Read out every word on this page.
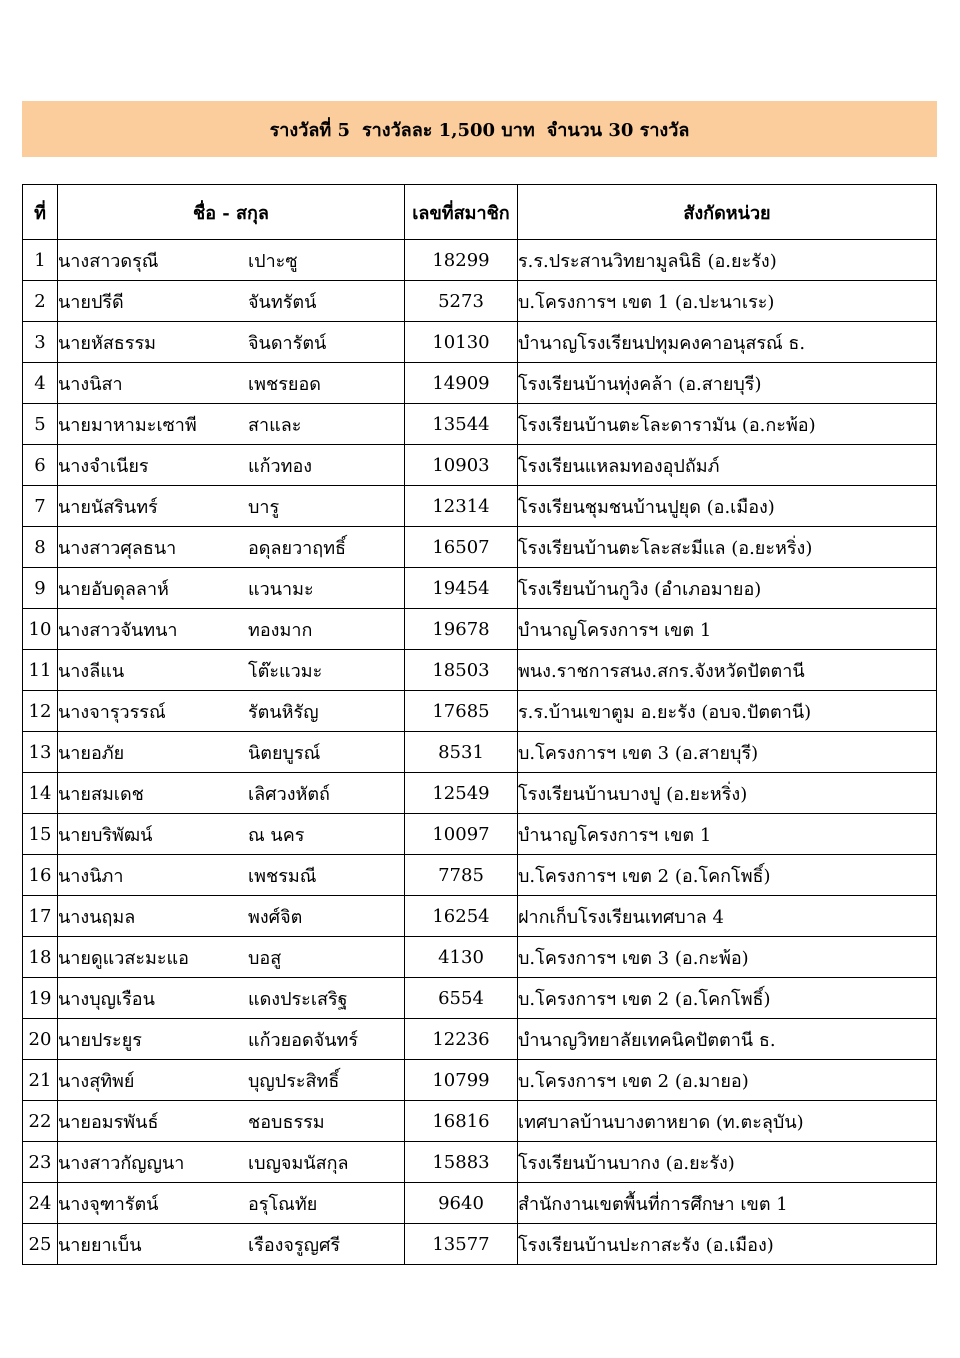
รางวัลที่ 5 รางวัลละ 1,500 บาท จำนวน 30 รางวัล
ที่	ชื่อ - สกุล	เลขที่สมาชิก	สังกัดหน่วย
1	นางสาวดรุณี เปาะซู	18299	ร.ร.ประสานวิทยามูลนิธิ (อ.ยะรัง)
2	นายปรีดี จันทรัตน์	5273	บ.โครงการฯ เขต 1 (อ.ปะนาเระ)
3	นายหัสธรรม จินดารัตน์	10130	บำนาญโรงเรียนปทุมคงคาอนุสรณ์ ธ.
4	นางนิสา เพชรยอด	14909	โรงเรียนบ้านทุ่งคล้า (อ.สายบุรี)
5	นายมาหามะเซาพี สาและ	13544	โรงเรียนบ้านตะโละดารามัน (อ.กะพ้อ)
6	นางจำเนียร แก้วทอง	10903	โรงเรียนแหลมทองอุปถัมภ์
7	นายนัสรินทร์ บารู	12314	โรงเรียนชุมชนบ้านปูยุด (อ.เมือง)
8	นางสาวศุลธนา อดุลยวาฤทธิ์	16507	โรงเรียนบ้านตะโละสะมีแล (อ.ยะหริ่ง)
9	นายอับดุลลาห์ แวนามะ	19454	โรงเรียนบ้านกูวิง (อำเภอมายอ)
10	นางสาวจันทนา ทองมาก	19678	บำนาญโครงการฯ เขต 1
11	นางลีแน โต๊ะแวมะ	18503	พนง.ราชการสนง.สกร.จังหวัดปัตตานี
12	นางจารุวรรณ์ รัตนหิรัญ	17685	ร.ร.บ้านเขาตูม อ.ยะรัง (อบจ.ปัตตานี)
13	นายอภัย นิตยบูรณ์	8531	บ.โครงการฯ เขต 3 (อ.สายบุรี)
14	นายสมเดช เลิศวงหัตถ์	12549	โรงเรียนบ้านบางปู (อ.ยะหริ่ง)
15	นายบริพัฒน์ ณ นคร	10097	บำนาญโครงการฯ เขต 1
16	นางนิภา เพชรมณี	7785	บ.โครงการฯ เขต 2 (อ.โคกโพธิ์)
17	นางนฤมล พงศ์จิต	16254	ฝากเก็บโรงเรียนเทศบาล 4
18	นายดูแวสะมะแอ บอสู	4130	บ.โครงการฯ เขต 3 (อ.กะพ้อ)
19	นางบุญเรือน แดงประเสริฐ	6554	บ.โครงการฯ เขต 2 (อ.โคกโพธิ์)
20	นายประยูร แก้วยอดจันทร์	12236	บำนาญวิทยาลัยเทคนิคปัตตานี ธ.
21	นางสุทิพย์ บุญประสิทธิ์	10799	บ.โครงการฯ เขต 2 (อ.มายอ)
22	นายอมรพันธ์ ชอบธรรม	16816	เทศบาลบ้านบางตาหยาด (ท.ตะลุบัน)
23	นางสาวกัญญนา เบญจมนัสกุล	15883	โรงเรียนบ้านบากง (อ.ยะรัง)
24	นางจุฑารัตน์ อรุโณทัย	9640	สำนักงานเขตพื้นที่การศึกษา เขต 1
25	นายยาเบ็น เรืองจรูญศรี	13577	โรงเรียนบ้านปะกาสะรัง (อ.เมือง)
